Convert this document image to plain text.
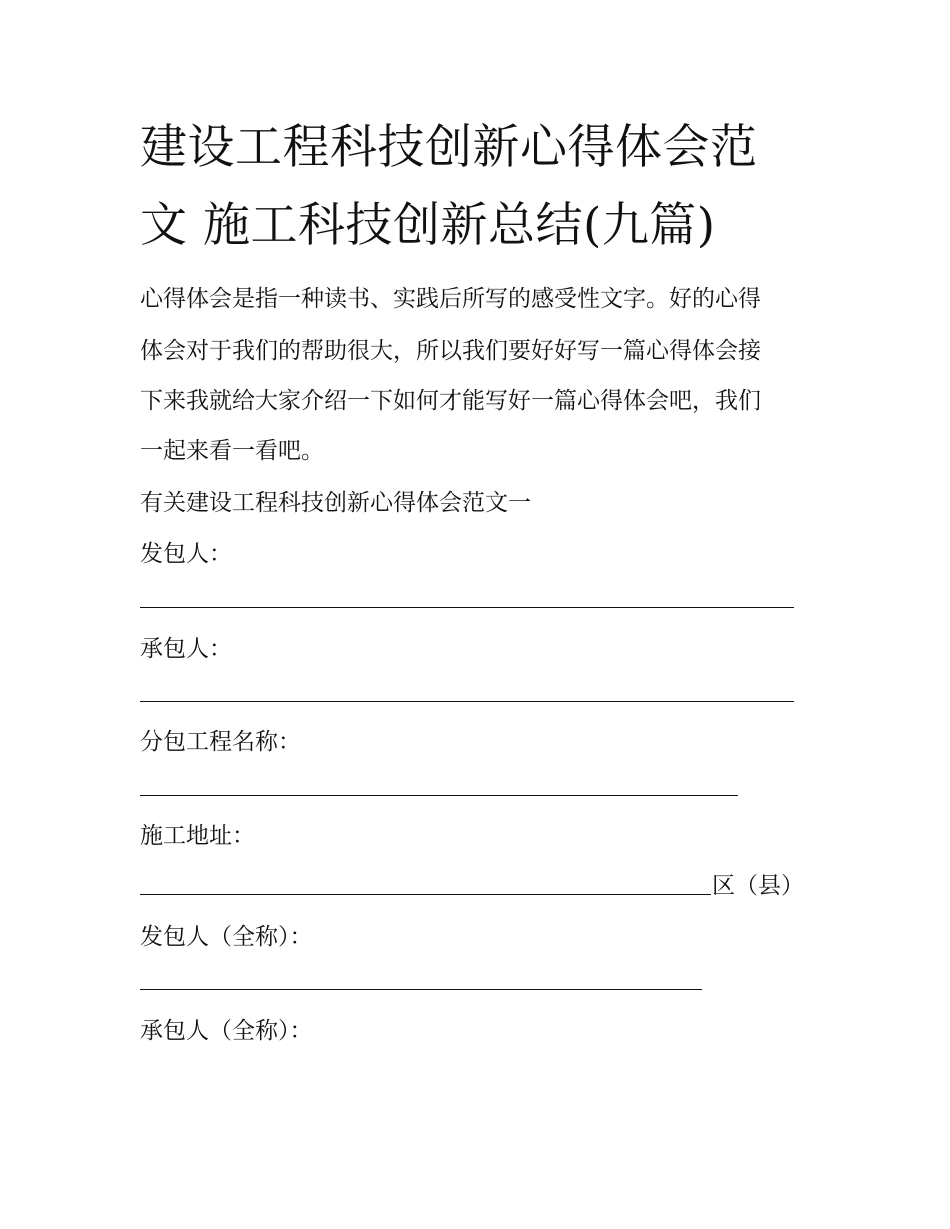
建设工程科技创新心得体会范
文 施工科技创新总结(九篇)
心得体会是指一种读书、实践后所写的感受性文字。好的心得
体会对于我们的帮助很大，所以我们要好好写一篇心得体会接
下来我就给大家介绍一下如何才能写好一篇心得体会吧，我们
一起来看一看吧。
有关建设工程科技创新心得体会范文一
发包人：
承包人：
分包工程名称：
施工地址：
区（县）
发包人（全称）：
承包人（全称）：
